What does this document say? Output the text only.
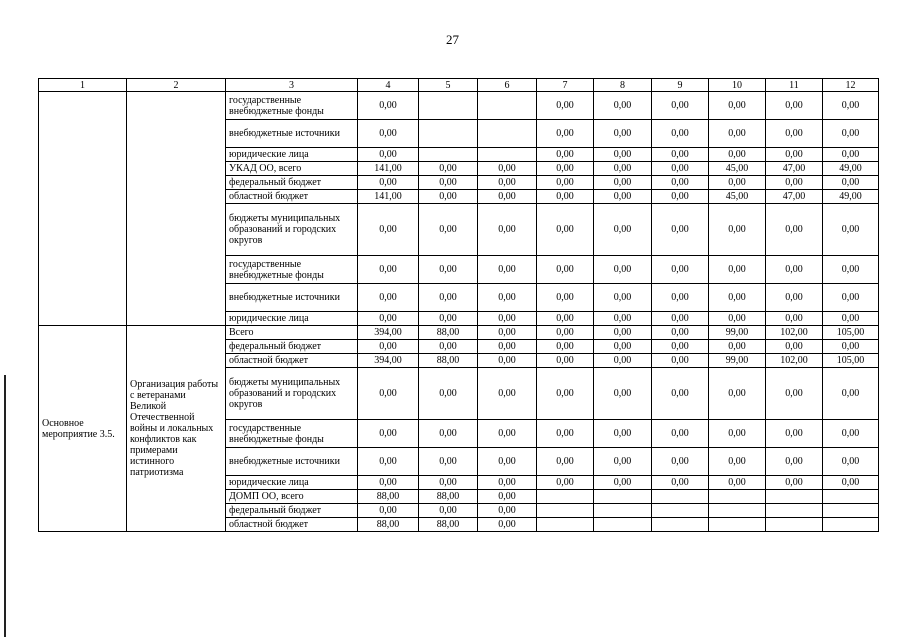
27
1	2	3	4	5	6	7	8	9	10	11	12
		государственные внебюджетные фонды	0,00			0,00	0,00	0,00	0,00	0,00	0,00
		внебюджетные источники	0,00			0,00	0,00	0,00	0,00	0,00	0,00
		юридические лица	0,00			0,00	0,00	0,00	0,00	0,00	0,00
		УКАД ОО, всего	141,00	0,00	0,00	0,00	0,00	0,00	45,00	47,00	49,00
		федеральный бюджет	0,00	0,00	0,00	0,00	0,00	0,00	0,00	0,00	0,00
		областной бюджет	141,00	0,00	0,00	0,00	0,00	0,00	45,00	47,00	49,00
		бюджеты муниципальных образований и городских округов	0,00	0,00	0,00	0,00	0,00	0,00	0,00	0,00	0,00
		государственные внебюджетные фонды	0,00	0,00	0,00	0,00	0,00	0,00	0,00	0,00	0,00
		внебюджетные источники	0,00	0,00	0,00	0,00	0,00	0,00	0,00	0,00	0,00
		юридические лица	0,00	0,00	0,00	0,00	0,00	0,00	0,00	0,00	0,00
Основное мероприятие 3.5.	Организация работы с ветеранами Великой Отечественной войны и локальных конфликтов как примерами истинного патриотизма	Всего	394,00	88,00	0,00	0,00	0,00	0,00	99,00	102,00	105,00
		федеральный бюджет	0,00	0,00	0,00	0,00	0,00	0,00	0,00	0,00	0,00
		областной бюджет	394,00	88,00	0,00	0,00	0,00	0,00	99,00	102,00	105,00
		бюджеты муниципальных образований и городских округов	0,00	0,00	0,00	0,00	0,00	0,00	0,00	0,00	0,00
		государственные внебюджетные фонды	0,00	0,00	0,00	0,00	0,00	0,00	0,00	0,00	0,00
		внебюджетные источники	0,00	0,00	0,00	0,00	0,00	0,00	0,00	0,00	0,00
		юридические лица	0,00	0,00	0,00	0,00	0,00	0,00	0,00	0,00	0,00
		ДОМП ОО, всего	88,00	88,00	0,00						
		федеральный бюджет	0,00	0,00	0,00						
		областной бюджет	88,00	88,00	0,00						
